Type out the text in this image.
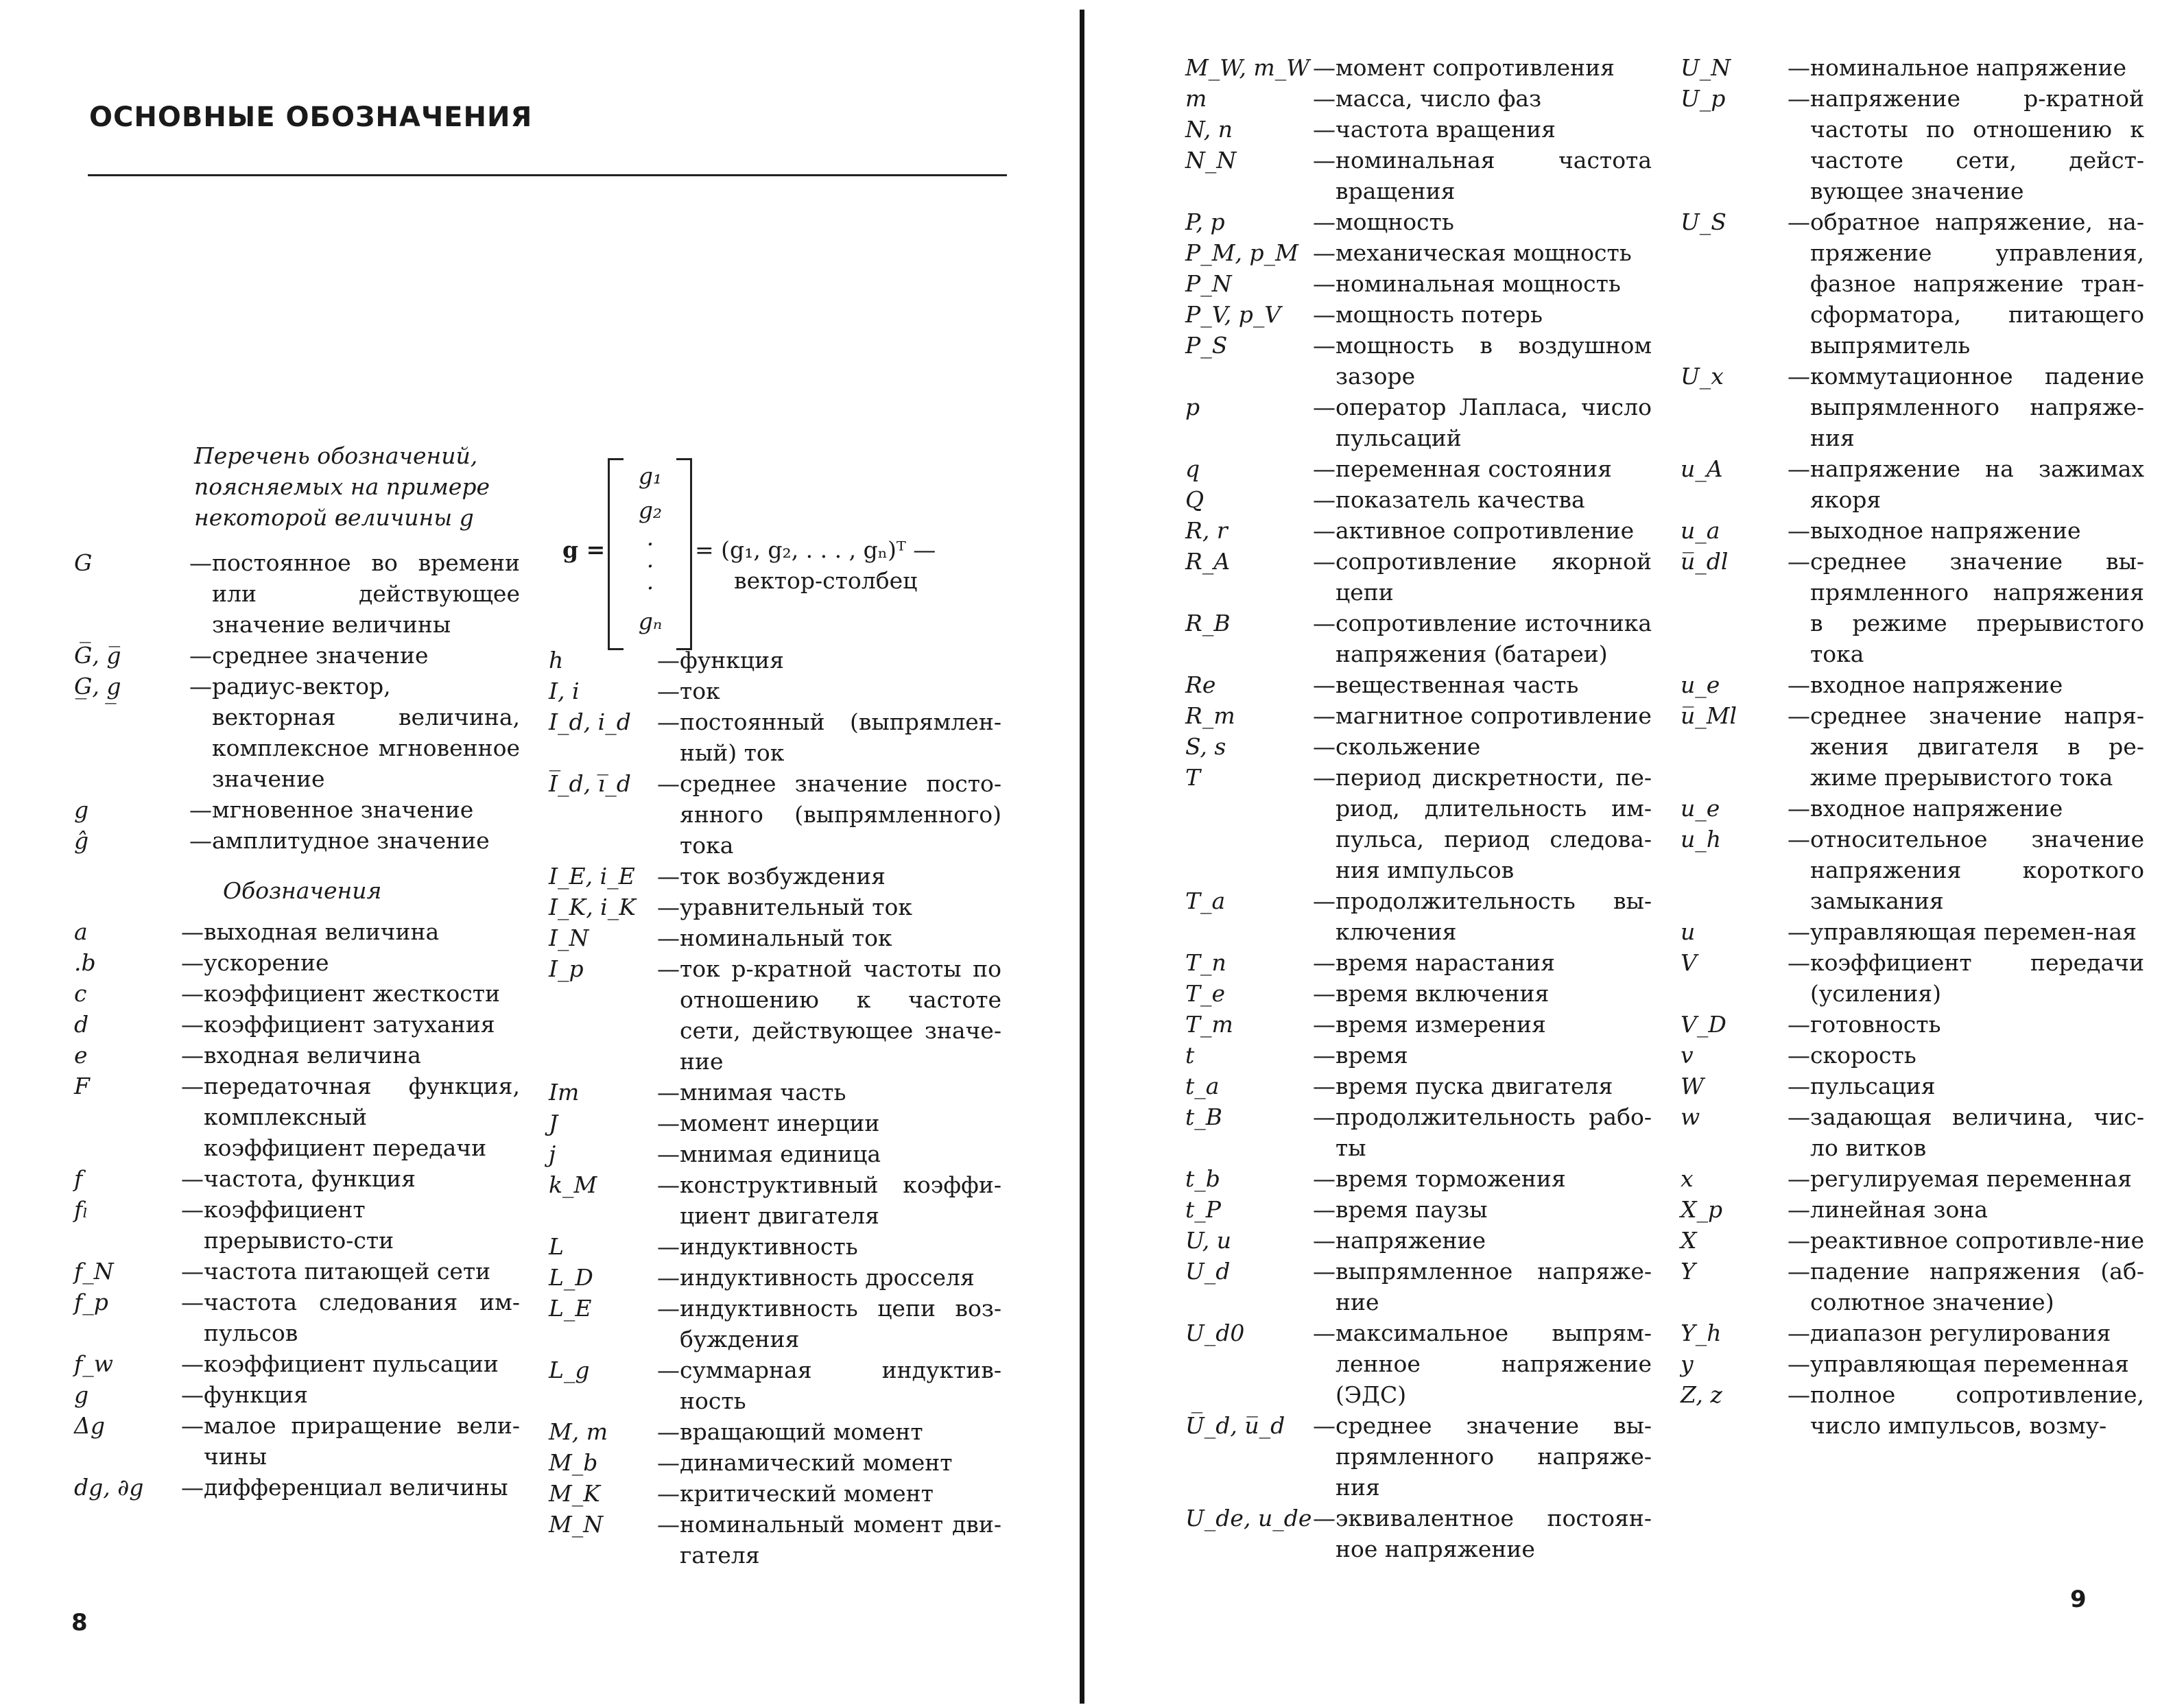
ОСНОВНЫЕ ОБОЗНАЧЕНИЯ
Перечень обозначений, поясняемых на примере некоторой величины g
G	— постоянное во времени или действующее значение величины
G̅, g̅	— среднее значение
G̲, g̲	— радиус-вектор, векторная величина, комплексное мгновенное значение
g	— мгновенное значение
ĝ	— амплитудное значение
Обозначения
a	— выходная величина
.b	— ускорение
c	— коэффициент жесткости
d	— коэффициент затухания
e	— входная величина
F	— передаточная функция, комплексный коэффициент передачи
f	— частота, функция
fₗ	— коэффициент прерывисто-сти
f_N	— частота питающей сети
f_p	— частота следования им-пульсов
f_w	— коэффициент пульсации
g	— функция
Δg	— малое приращение вели-чины
dg, ∂g	— дифференциал величины
g =
g₁
g₂
·
·
·
gₙ
= (g₁, g₂, . . . , gₙ)ᵀ —
вектор-столбец
h	— функция
I, i	— ток
I_d, i_d	— постоянный (выпрямлен-ный) ток
I̅_d, i̅_d	— среднее значение посто-янного (выпрямленного) тока
I_E, i_E — ток возбуждения
I_K, i_K — уравнительный ток
I_N	— номинальный ток
I_p	— ток p-кратной частоты по отношению к частоте сети, действующее значе-ние
Im	— мнимая часть
J	— момент инерции
j	— мнимая единица
k_M	— конструктивный коэффи-циент двигателя
L	— индуктивность
L_D	— индуктивность дросселя
L_E	— индуктивность цепи воз-буждения
L_g	— суммарная индуктив-ность
M, m	— вращающий момент
M_b	— динамический момент
M_K	— критический момент
M_N	— номинальный момент дви-гателя
8
M_W, m_W — момент сопротивления
m	— масса, число фаз
N, n	— частота вращения
N_N	— номинальная частота вращения
P, p	— мощность
P_M, p_M — механическая мощность
P_N	— номинальная мощность
P_V, p_V	— мощность потерь
P_S	— мощность в воздушном зазоре
p	— оператор Лапласа, число пульсаций
q	— переменная состояния
Q	— показатель качества
R, r	— активное сопротивление
R_A	— сопротивление якорной цепи
R_B	— сопротивление источника напряжения (батареи)
Re	— вещественная часть
R_m	— магнитное сопротивление
S, s	— скольжение
T	— период дискретности, пе-риод, длительность им-пульса, период следова-ния импульсов
T_a	— продолжительность вы-ключения
T_n	— время нарастания
T_e	— время включения
T_m	— время измерения
t	— время
t_a	— время пуска двигателя
t_B	— продолжительность рабо-ты
t_b	— время торможения
t_P	— время паузы
U, u	— напряжение
U_d	— выпрямленное напряже-ние
U_d0	— максимальное выпрям-ленное напряжение (ЭДС)
U̅_d, u̅_d	— среднее значение вы-прямленного напряже-ния
U_de, u_de — эквивалентное постоян-ное напряжение
U_N	— номинальное напряжение
U_p	— напряжение p-кратной частоты по отношению к частоте сети, дейст-вующее значение
U_S	— обратное напряжение, на-пряжение управления, фазное напряжение тран-сформатора, питающего выпрямитель
U_x	— коммутационное падение выпрямленного напряже-ния
u_A	— напряжение на зажимах якоря
u_a	— выходное напряжение
u̅_dl	— среднее значение вы-прямленного напряжения в режиме прерывистого тока
u_e	— входное напряжение
u̅_Ml	— среднее значение напря-жения двигателя в ре-жиме прерывистого тока
u_e	— входное напряжение
u_h	— относительное значение напряжения короткого замыкания
u	— управляющая перемен-ная
V	— коэффициент передачи (усиления)
V_D	— готовность
v	— скорость
W	— пульсация
w	— задающая величина, чис-ло витков
x	— регулируемая переменная
X_p	— линейная зона
X	— реактивное сопротивле-ние
Y	— падение напряжения (аб-солютное значение)
Y_h	— диапазон регулирования
y	— управляющая переменная
Z, z	— полное сопротивление, число импульсов, возму-
9
